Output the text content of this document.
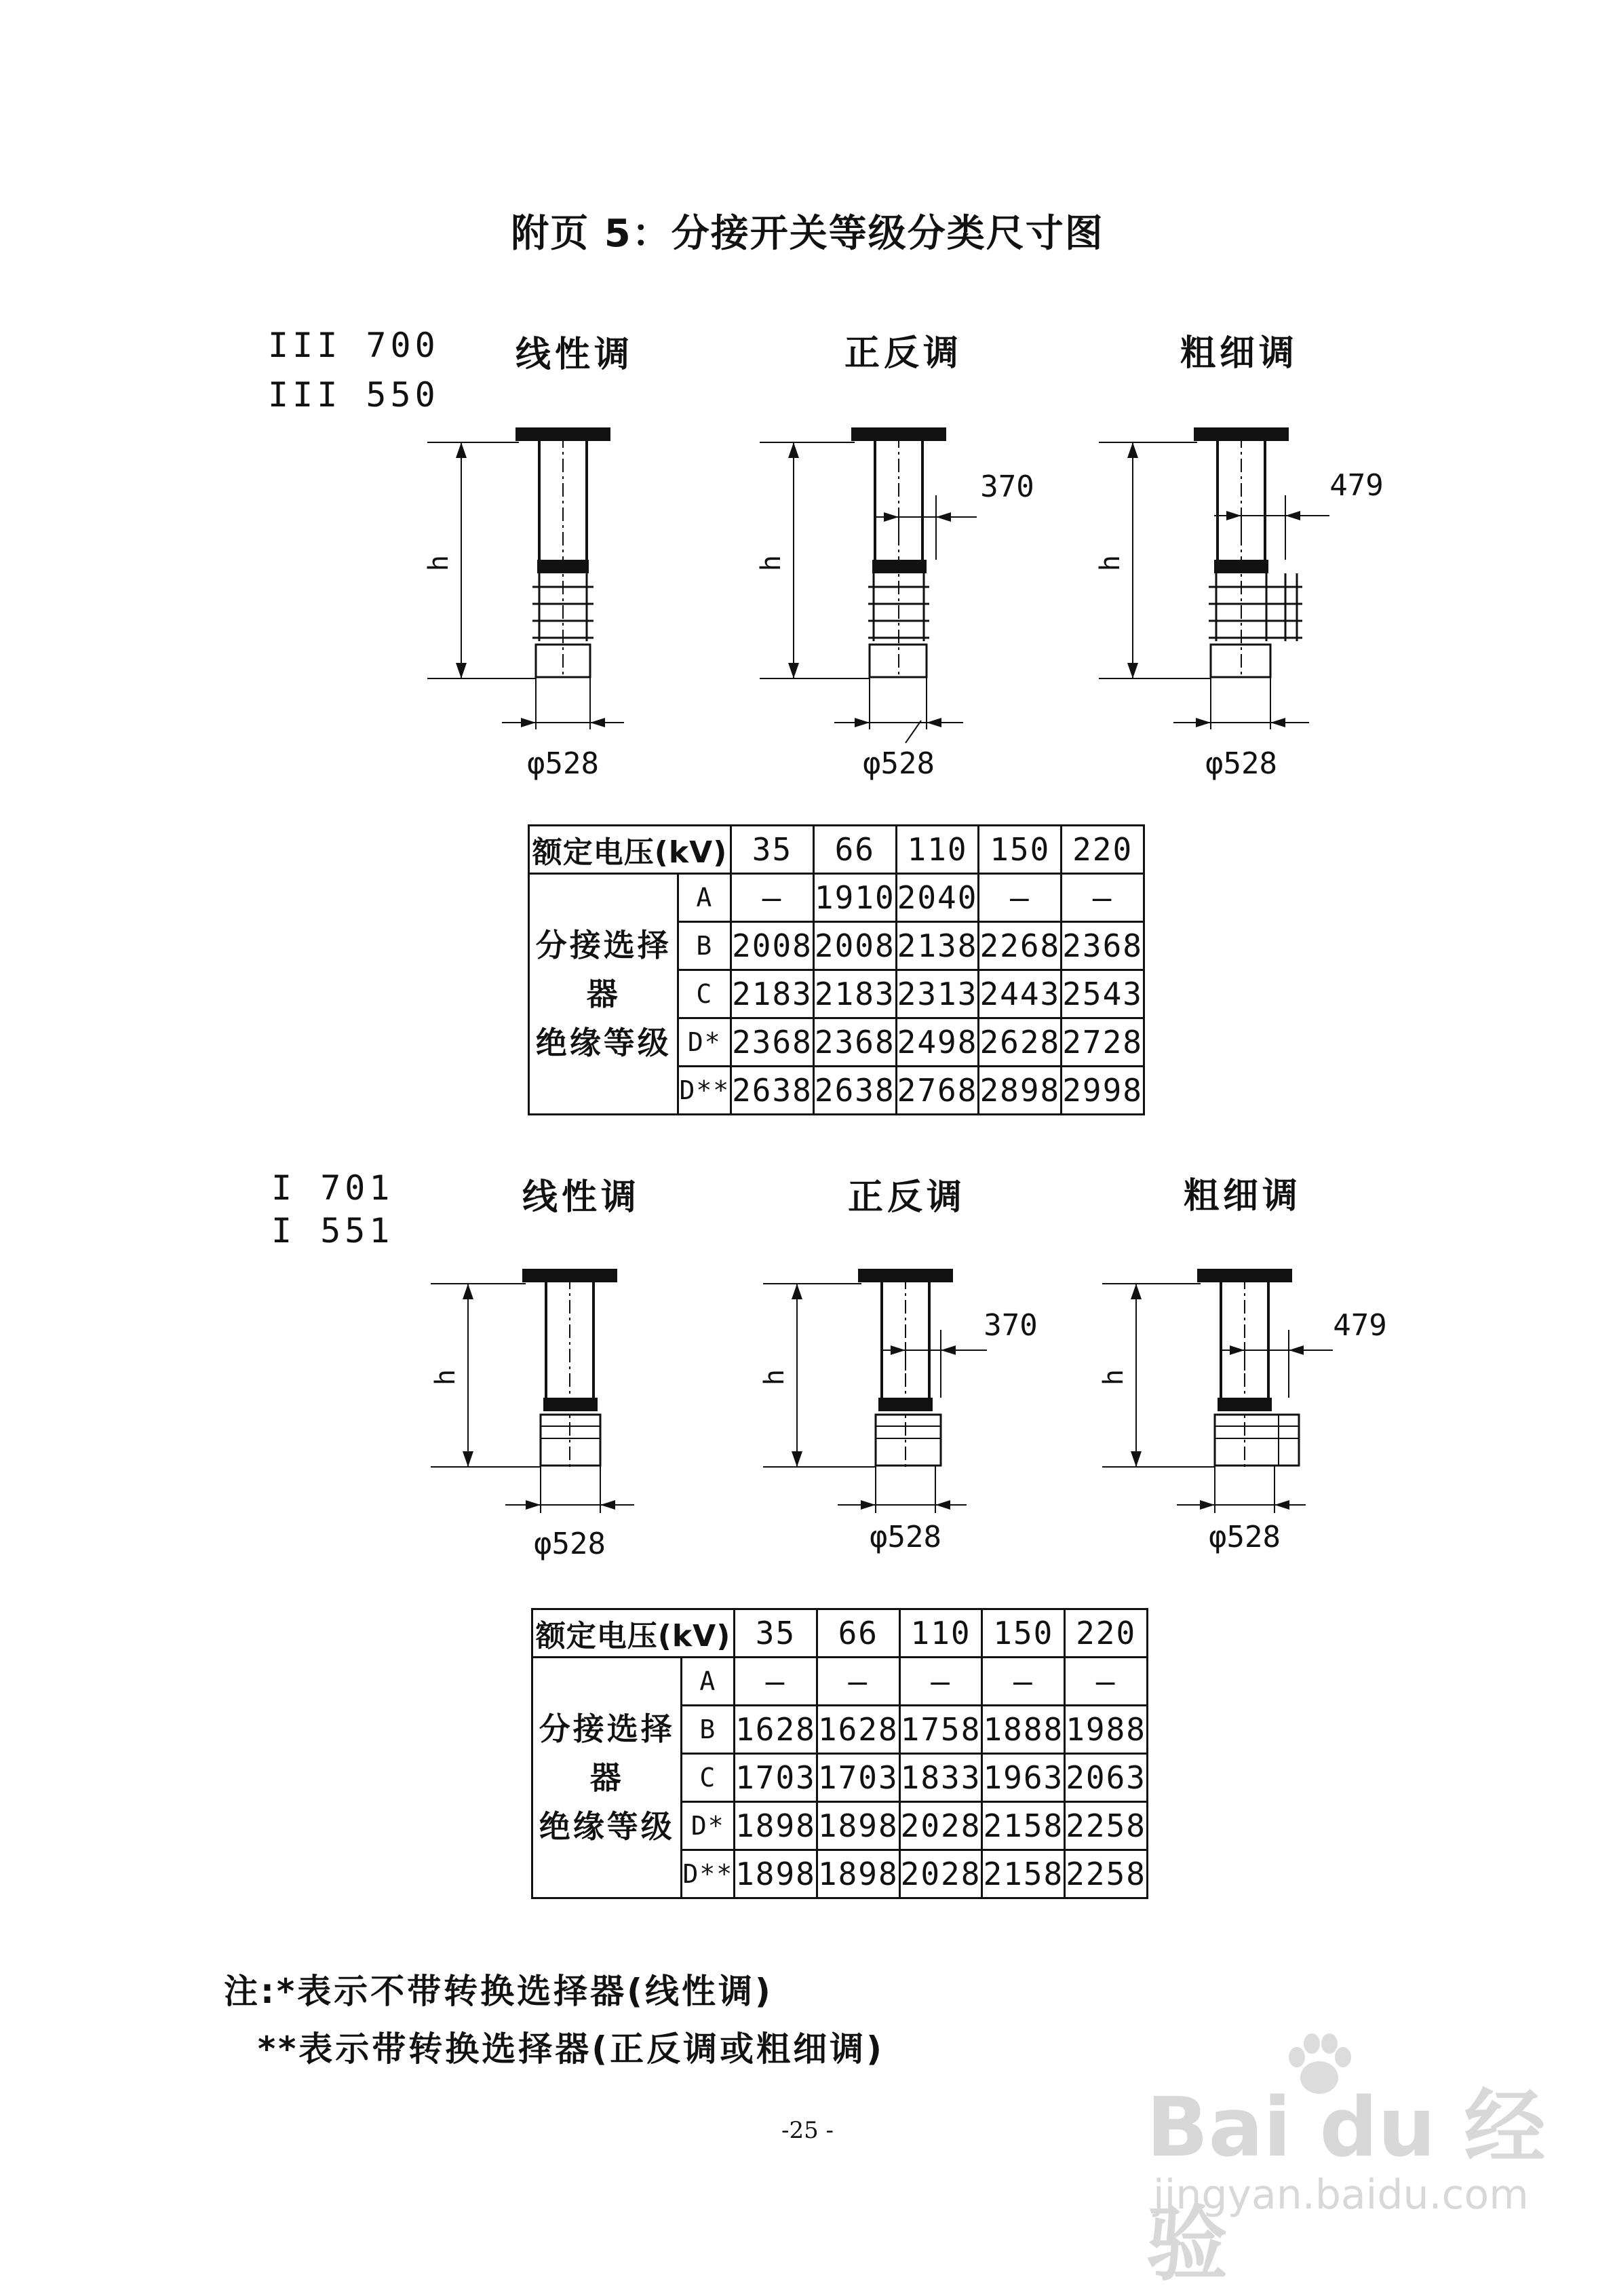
附页 5：分接开关等级分类尺寸图
III 700
III 550
线性调	正反调	粗细调
h
φ528
h
370
φ528
h
479
φ528
额定电压(kV)		35	66	110	150	220

分接选择器
绝缘等级	A	—	1910	2040	—	—
	B	2008	2008	2138	2268	2368
	C	2183	2183	2313	2443	2543
	D*	2368	2368	2498	2628	2728
	D**	2638	2638	2768	2898	2998
I 701
I 551
线性调	正反调	粗细调
h
φ528
h
370
φ528
h
479
φ528
额定电压(kV)		35	66	110	150	220

分接选择器
绝缘等级	A	—	—	—	—	—
	B	1628	1628	1758	1888	1988
	C	1703	1703	1833	1963	2063
	D*	1898	1898	2028	2158	2258
	D**	1898	1898	2028	2158	2258
注:*表示不带转换选择器(线性调)
**表示带转换选择器(正反调或粗细调)
-25 -	Bai du 经验
jingyan.baidu.com
